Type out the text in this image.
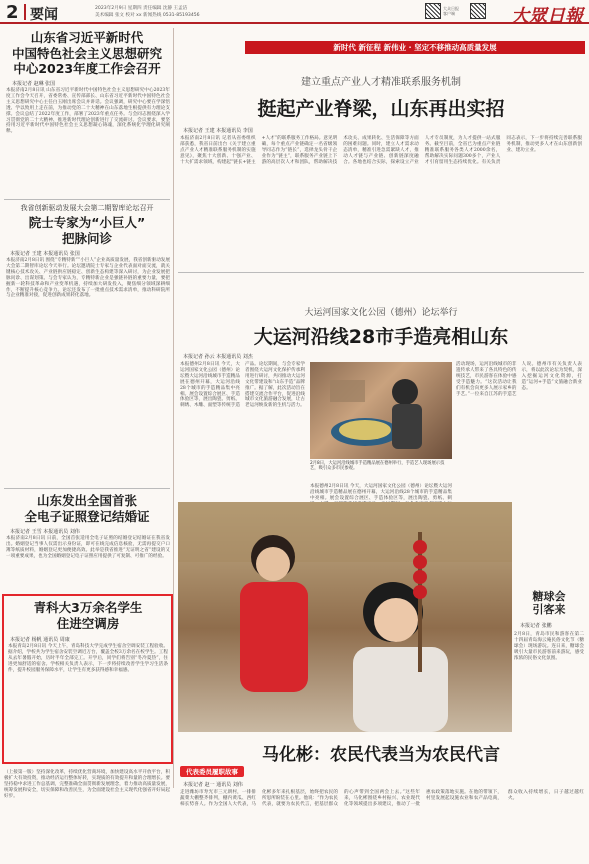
2 要闻	2023年2月9日 星期四 责任编辑 沈静 王孟洁
美术编辑 张文 校对 xx 新闻热线 0531-85193456
大众日报
客户端	大眾日報
山东省习近平新时代
中国特色社会主义思想研究
中心2023年度工作会召开
本报记者 赵琳 张国
本报济南2月8日讯 山东省习近平新时代中国特色社会主义思想研究中心2023年度工作会今天召开，省委常委、宣传部部长、山东省习近平新时代中国特色社会主义思想研究中心主任白玉刚出席会议并讲话。会议强调，研究中心要在学深悟透、学以致用上走在前，为推动党的二十大精神在山东落地生根提供有力理论支撑。会议总结了2022年度工作，部署了2023年重点任务。与会同志围绕深入学习贯彻党的二十大精神、推进新时代理论创新进行了交流研讨。会议要求，要坚持用习近平新时代中国特色社会主义思想凝心铸魂，深化系统化学理化研究阐释。
我省创新驱动发展大会第二期智库论坛召开
院士专家为“小巨人”
把脉问诊
本报记者 王建 本报通讯员 张国
本报济南2月8日讯 围绕“专精特新”“小巨人”企业高质量发展，我省创新驱动发展大会第二期智库论坛今天举行。论坛邀请院士专家与企业代表面对面交流，就关键核心技术攻关、产业链供应链稳定、创新生态构建等深入研讨，为企业发展把脉问诊、出谋划策。与会专家认为，专精特新企业是强链补链的重要力量，要把握新一轮科技革命和产业变革机遇，持续加大研发投入，聚焦细分领域深耕细作，不断提升核心竞争力。论坛还发布了一批重点技术需求清单，推动科研院所与企业精准对接，促进创新成果转化落地。
山东发出全国首张
全电子证照登记结婚证
本报记者 王雪 本报通讯员 刘伟
本报济南2月8日讯 日前，全国首张适用全电子证照的结婚登记结婚证在我省发出。婚姻登记当事人仅需出示身份证，即可在线完成信息核验，无需再提交户口簿等纸质材料，婚姻登记更加便捷高效。此举是我省推进“无证明之省”建设的又一项重要成果，也为全国婚姻登记电子证照应用提供了可复制、可推广的经验。
青科大3万余名学生
住进空调房
本报记者 杨帆 通讯员 周康
本报青岛2月8日讯 今天上午，青岛科技大学完成学生宿舍空调安装工程验收。据介绍，学校共为学生宿舍安装空调近万台，覆盖全校3万余名在校学生。工程从去年暑假开始，历时半年全部完工。开学后，同学们将告别“冬冷夏热”，住进更加舒适的宿舍。学校相关负责人表示，下一步将持续改善学生学习生活条件，提升校园服务保障水平，让学生有更多获得感和幸福感。
（上接第一版）坚持深化改革，持续优化营商环境，加快建设高水平开放平台，积极扩大有效投资，推动经济运行整体好转，实现质的有效提升和量的合理增长。要坚持稳中求进工作总基调，完整准确全面贯彻新发展理念，着力推动高质量发展，统筹发展和安全，切实保障和改善民生，为全面建设社会主义现代化强省开好局起好步。
新时代 新征程 新伟业 · 坚定不移推动高质量发展
建立重点产业人才精准联系服务机制
挺起产业脊梁，山东再出实招
本报记者 王建 本报通讯员 李国
本报济南2月8日讯 记者从省委组织部获悉，我省日前出台《关于建立重点产业人才精准联系服务机制的实施意见》，聚焦十大创新、十强产业、十大扩需求领域，构建起“链长+链主+人才”的联系服务工作格局。意见明确，每个重点产业链确定一名省级领导同志作为“链长”，选择龙头骨干企业作为“链主”，联系服务产业链上下游的高层次人才和团队，帮助解决技术攻关、成果转化、生活保障等方面的困难问题。同时，建立人才需求动态清单，精准引进急需紧缺人才，推动人才链与产业链、创新链深度融合。各地也结合实际，探索设立产业人才专员制度，为人才提供一站式服务。截至目前，全省已为重点产业链精准联系服务各类人才2000余名，帮助解决实际问题300多个，产业人才引育留用生态持续优化。有关负责同志表示，下一步将持续完善联系服务机制，推动更多人才在山东创新创业、建功立业。
大运河国家文化公园（德州）论坛举行
大运河沿线28市手造亮相山东
本报记者 孙云 本报通讯员 刘杰
本报德州2月8日讯 今天，大运河国家文化公园（德州）论坛暨大运河沿线城市手造精品展在德州开幕，大运河沿线28个城市的手造精品集中亮相。展会设置综合展区、手造体验区等，展出陶瓷、剪纸、刺绣、木雕、面塑等传统手造产品。论坛期间，与会专家学者围绕大运河文化保护传承利用进行研讨，共同推动大运河文化带建设和“山东手造”品牌推广。据了解，此次活动旨在搭建交流合作平台，促进沿线城市文化旅游融合发展，让古老运河焕发新的生机与活力。
活动现场，运河沿线城市的非遗传承人带来了各具特色的传统技艺，市民游客在体验中感受手造魅力。“这次活动让我们有机会向更多人展示家乡的手艺。”一位来自江苏的手造艺人说。德州市有关负责人表示，将以此次论坛为契机，深入挖掘运河文化资源，打造“运河+手造”文旅融合新业态。
2月8日，大运河沿线城市手造精品展在德州举行，手造艺人现场展示技艺，吸引众多市民参观。
本报德州2月8日讯 今天，大运河国家文化公园（德州）论坛暨大运河沿线城市手造精品展在德州开幕，大运河沿线28个城市的手造精品集中亮相。展会设置综合展区、手造体验区等，展出陶瓷、剪纸、刺
糖球会
引客来
本报记者 张鹏
2月8日，青岛市民和游客在第二十四届青岛海云庵民俗文化节（糖球会）现场游玩。连日来，糖球会吸引大量市民游客前来游玩，感受浓浓的民俗文化氛围。
马化彬：农民代表当为农民代言
代表委员履职故事
本报记者 赵一 通讯员 刘伟
走进潍坊市寿光市三元朗村，一排排蔬菜大棚整齐排列，棚内黄瓜、西红柿长势喜人。作为全国人大代表，马化彬多年来扎根基层，始终把农民的所思所盼装在心里。他说：“作为农民代表，就要为农民代言，把基层群众的心声带到全国两会上去。”这些年来，马化彬围绕乡村振兴、农业现代化等领域提出多项建议，推动了一批惠农政策落地实施。在他的带领下，村里发展起设施农业和农产品电商，群众收入持续增长，日子越过越红火。
